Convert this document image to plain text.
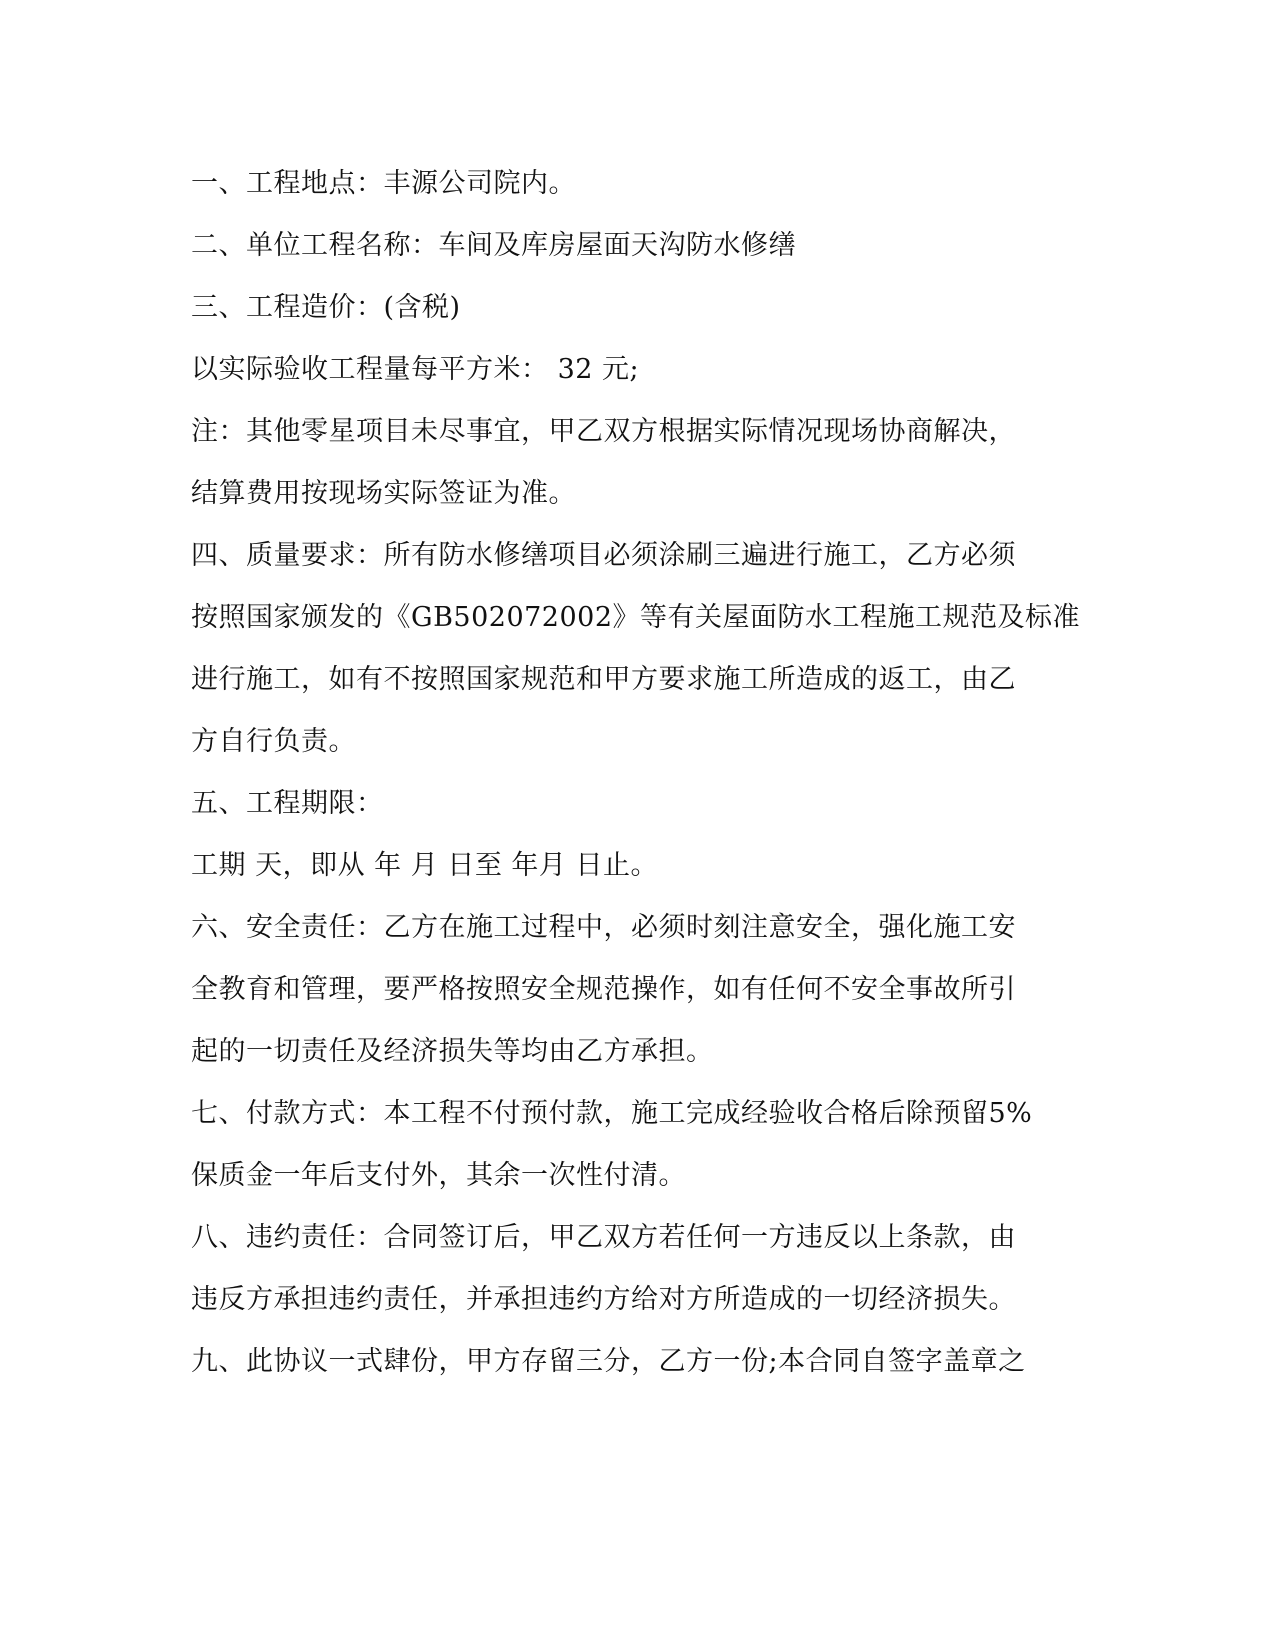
一、工程地点：丰源公司院内。
二、单位工程名称：车间及库房屋面天沟防水修缮
三、工程造价：(含税)
以实际验收工程量每平方米： 32 元;
注：其他零星项目未尽事宜，甲乙双方根据实际情况现场协商解决，
结算费用按现场实际签证为准。
四、质量要求：所有防水修缮项目必须涂刷三遍进行施工，乙方必须
按照国家颁发的《GB502072002》等有关屋面防水工程施工规范及标准
进行施工，如有不按照国家规范和甲方要求施工所造成的返工，由乙
方自行负责。
五、工程期限：
工期 天，即从 年 月 日至 年月 日止。
六、安全责任：乙方在施工过程中，必须时刻注意安全，强化施工安
全教育和管理，要严格按照安全规范操作，如有任何不安全事故所引
起的一切责任及经济损失等均由乙方承担。
七、付款方式：本工程不付预付款，施工完成经验收合格后除预留5%
保质金一年后支付外，其余一次性付清。
八、违约责任：合同签订后，甲乙双方若任何一方违反以上条款，由
违反方承担违约责任，并承担违约方给对方所造成的一切经济损失。
九、此协议一式肆份，甲方存留三分，乙方一份;本合同自签字盖章之
